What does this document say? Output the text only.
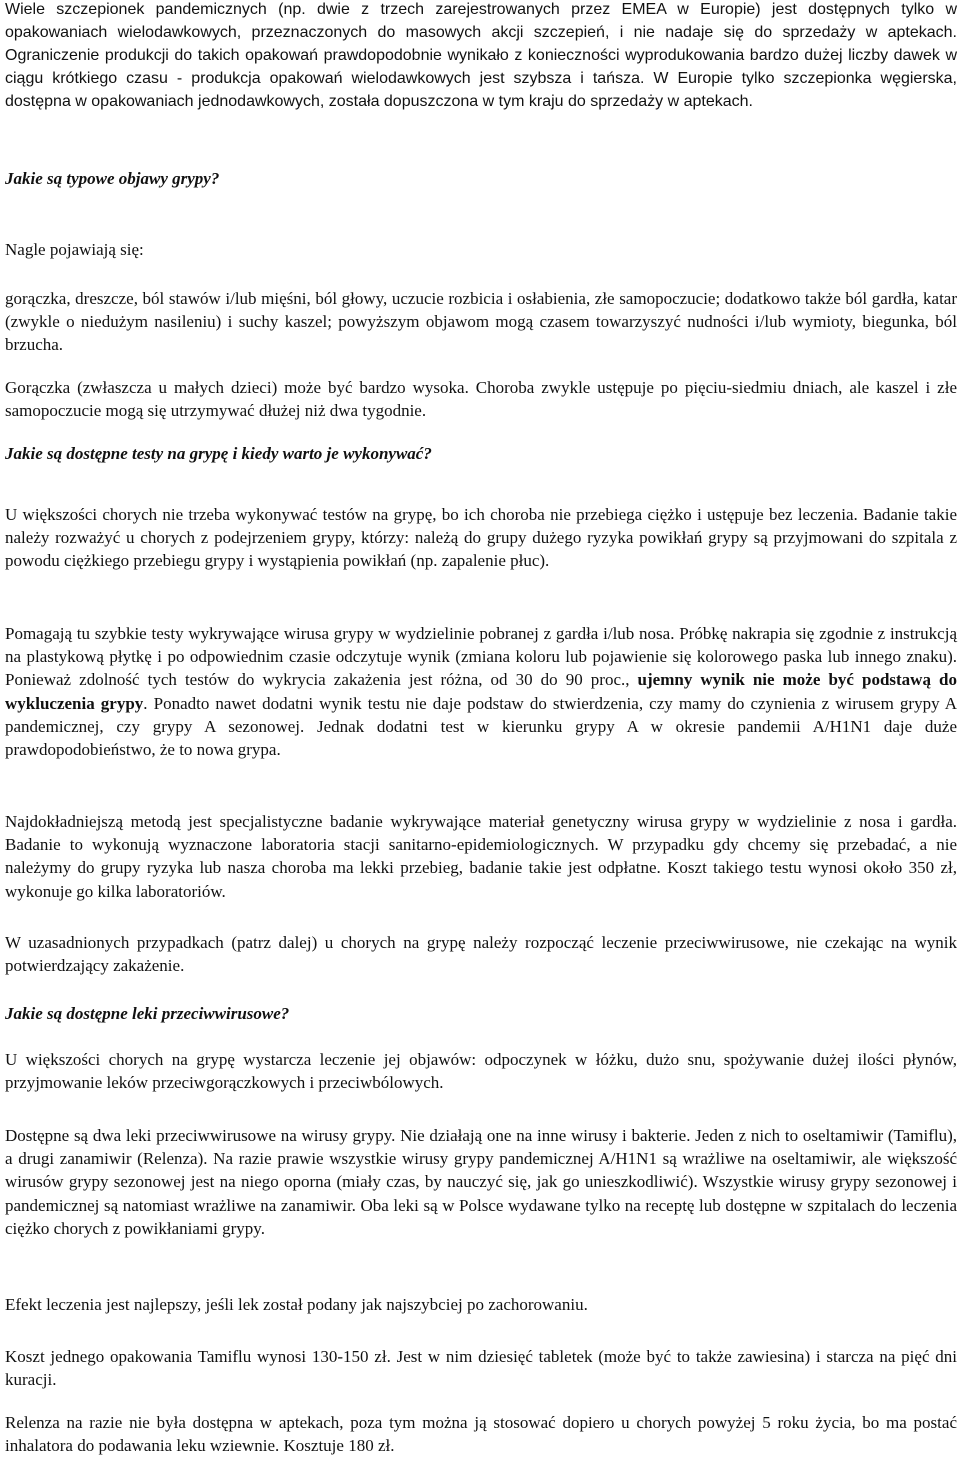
Wiele szczepionek pandemicznych (np. dwie z trzech zarejestrowanych przez EMEA w Europie) jest dostępnych tylko w opakowaniach wielodawkowych, przeznaczonych do masowych akcji szczepień, i nie nadaje się do sprzedaży w aptekach. Ograniczenie produkcji do takich opakowań prawdopodobnie wynikało z konieczności wyprodukowania bardzo dużej liczby dawek w ciągu krótkiego czasu - produkcja opakowań wielodawkowych jest szybsza i tańsza. W Europie tylko szczepionka węgierska, dostępna w opakowaniach jednodawkowych, została dopuszczona w tym kraju do sprzedaży w aptekach.

Jakie są typowe objawy grypy?

Nagle pojawiają się:

gorączka, dreszcze, ból stawów i/lub mięśni, ból głowy, uczucie rozbicia i osłabienia, złe samopoczucie; dodatkowo także ból gardła, katar (zwykle o niedużym nasileniu) i suchy kaszel; powyższym objawom mogą czasem towarzyszyć nudności i/lub wymioty, biegunka, ból brzucha.

Gorączka (zwłaszcza u małych dzieci) może być bardzo wysoka. Choroba zwykle ustępuje po pięciu-siedmiu dniach, ale kaszel i złe samopoczucie mogą się utrzymywać dłużej niż dwa tygodnie.

Jakie są dostępne testy na grypę i kiedy warto je wykonywać?

U większości chorych nie trzeba wykonywać testów na grypę, bo ich choroba nie przebiega ciężko i ustępuje bez leczenia. Badanie takie należy rozważyć u chorych z podejrzeniem grypy, którzy: należą do grupy dużego ryzyka powikłań grypy są przyjmowani do szpitala z powodu ciężkiego przebiegu grypy i wystąpienia powikłań (np. zapalenie płuc).

Pomagają tu szybkie testy wykrywające wirusa grypy w wydzielinie pobranej z gardła i/lub nosa. Próbkę nakrapia się zgodnie z instrukcją na plastykową płytkę i po odpowiednim czasie odczytuje wynik (zmiana koloru lub pojawienie się kolorowego paska lub innego znaku). Ponieważ zdolność tych testów do wykrycia zakażenia jest różna, od 30 do 90 proc., ujemny wynik nie może być podstawą do wykluczenia grypy. Ponadto nawet dodatni wynik testu nie daje podstaw do stwierdzenia, czy mamy do czynienia z wirusem grypy A pandemicznej, czy grypy A sezonowej. Jednak dodatni test w kierunku grypy A w okresie pandemii A/H1N1 daje duże prawdopodobieństwo, że to nowa grypa.

Najdokładniejszą metodą jest specjalistyczne badanie wykrywające materiał genetyczny wirusa grypy w wydzielinie z nosa i gardła. Badanie to wykonują wyznaczone laboratoria stacji sanitarno-epidemiologicznych. W przypadku gdy chcemy się przebadać, a nie należymy do grupy ryzyka lub nasza choroba ma lekki przebieg, badanie takie jest odpłatne. Koszt takiego testu wynosi około 350 zł, wykonuje go kilka laboratoriów.

W uzasadnionych przypadkach (patrz dalej) u chorych na grypę należy rozpocząć leczenie przeciwwirusowe, nie czekając na wynik potwierdzający zakażenie.

Jakie są dostępne leki przeciwwirusowe?

U większości chorych na grypę wystarcza leczenie jej objawów: odpoczynek w łóżku, dużo snu, spożywanie dużej ilości płynów, przyjmowanie leków przeciwgorączkowych i przeciwbólowych.

Dostępne są dwa leki przeciwwirusowe na wirusy grypy. Nie działają one na inne wirusy i bakterie. Jeden z nich to oseltamiwir (Tamiflu), a drugi zanamiwir (Relenza). Na razie prawie wszystkie wirusy grypy pandemicznej A/H1N1 są wrażliwe na oseltamiwir, ale większość wirusów grypy sezonowej jest na niego oporna (miały czas, by nauczyć się, jak go unieszkodliwić). Wszystkie wirusy grypy sezonowej i pandemicznej są natomiast wrażliwe na zanamiwir. Oba leki są w Polsce wydawane tylko na receptę lub dostępne w szpitalach do leczenia ciężko chorych z powikłaniami grypy.

Efekt leczenia jest najlepszy, jeśli lek został podany jak najszybciej po zachorowaniu.

Koszt jednego opakowania Tamiflu wynosi 130-150 zł. Jest w nim dziesięć tabletek (może być to także zawiesina) i starcza na pięć dni kuracji.

Relenza na razie nie była dostępna w aptekach, poza tym można ją stosować dopiero u chorych powyżej 5 roku życia, bo ma postać inhalatora do podawania leku wziewnie. Kosztuje 180 zł.
